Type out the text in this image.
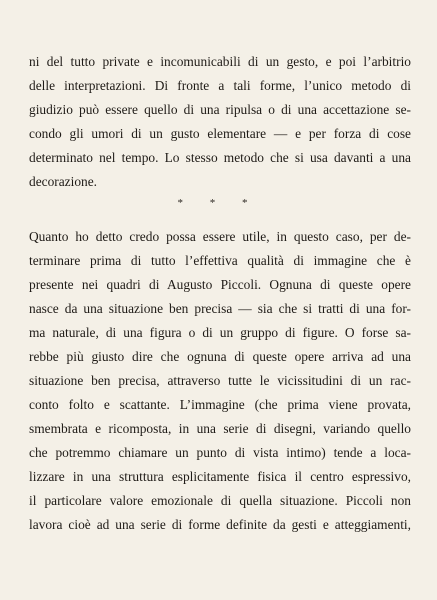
ni del tutto private e incomunicabili di un gesto, e poi l’arbitrio
delle interpretazioni. Di fronte a tali forme, l’unico metodo di
giudizio può essere quello di una ripulsa o di una accettazione se-
condo gli umori di un gusto elementare — e per forza di cose
determinato nel tempo. Lo stesso metodo che si usa davanti a una
decorazione.
* * *
Quanto ho detto credo possa essere utile, in questo caso, per de-
terminare prima di tutto l’effettiva qualità di immagine che è
presente nei quadri di Augusto Piccoli. Ognuna di queste opere
nasce da una situazione ben precisa — sia che si tratti di una for-
ma naturale, di una figura o di un gruppo di figure. O forse sa-
rebbe più giusto dire che ognuna di queste opere arriva ad una
situazione ben precisa, attraverso tutte le vicissitudini di un rac-
conto folto e scattante. L’immagine (che prima viene provata,
smembrata e ricomposta, in una serie di disegni, variando quello
che potremmo chiamare un punto di vista intimo) tende a loca-
lizzare in una struttura esplicitamente fisica il centro espressivo,
il particolare valore emozionale di quella situazione. Piccoli non
lavora cioè ad una serie di forme definite da gesti e atteggiamenti,
